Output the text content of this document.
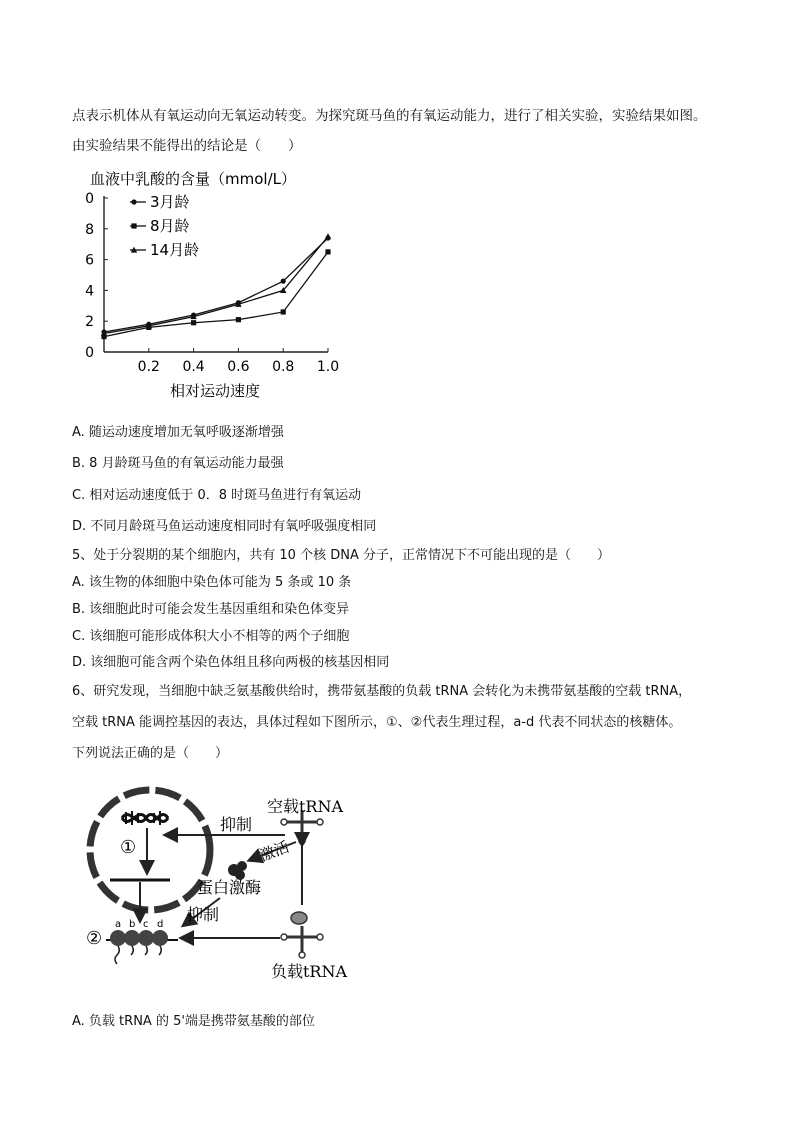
点表示机体从有氧运动向无氧运动转变。为探究斑马鱼的有氧运动能力，进行了相关实验，实验结果如图。
由实验结果不能得出的结论是（　　）
血液中乳酸的含量（mmol/L）
0
8
6
4
2
0
0.2 0.4 0.6 0.8 1.0
3月龄
8月龄
14月龄
相对运动速度
A. 随运动速度增加无氧呼吸逐渐增强
B. 8 月龄斑马鱼的有氧运动能力最强
C. 相对运动速度低于 0．8 时斑马鱼进行有氧运动
D. 不同月龄斑马鱼运动速度相同时有氧呼吸强度相同
5、处于分裂期的某个细胞内，共有 10 个核 DNA 分子，正常情况下不可能出现的是（　　）
A. 该生物的体细胞中染色体可能为 5 条或 10 条
B. 该细胞此时可能会发生基因重组和染色体变异
C. 该细胞可能形成体积大小不相等的两个子细胞
D. 该细胞可能含两个染色体组且移向两极的核基因相同
6、研究发现，当细胞中缺乏氨基酸供给时，携带氨基酸的负载 tRNA 会转化为未携带氨基酸的空载 tRNA，
空载 tRNA 能调控基因的表达，具体过程如下图所示，①、②代表生理过程，a-d 代表不同状态的核糖体。
下列说法正确的是（　　）
①
抑制
空载tRNA
激活
蛋白激酶
抑制
负载tRNA
②
a b c d
A. 负载 tRNA 的 5'端是携带氨基酸的部位
